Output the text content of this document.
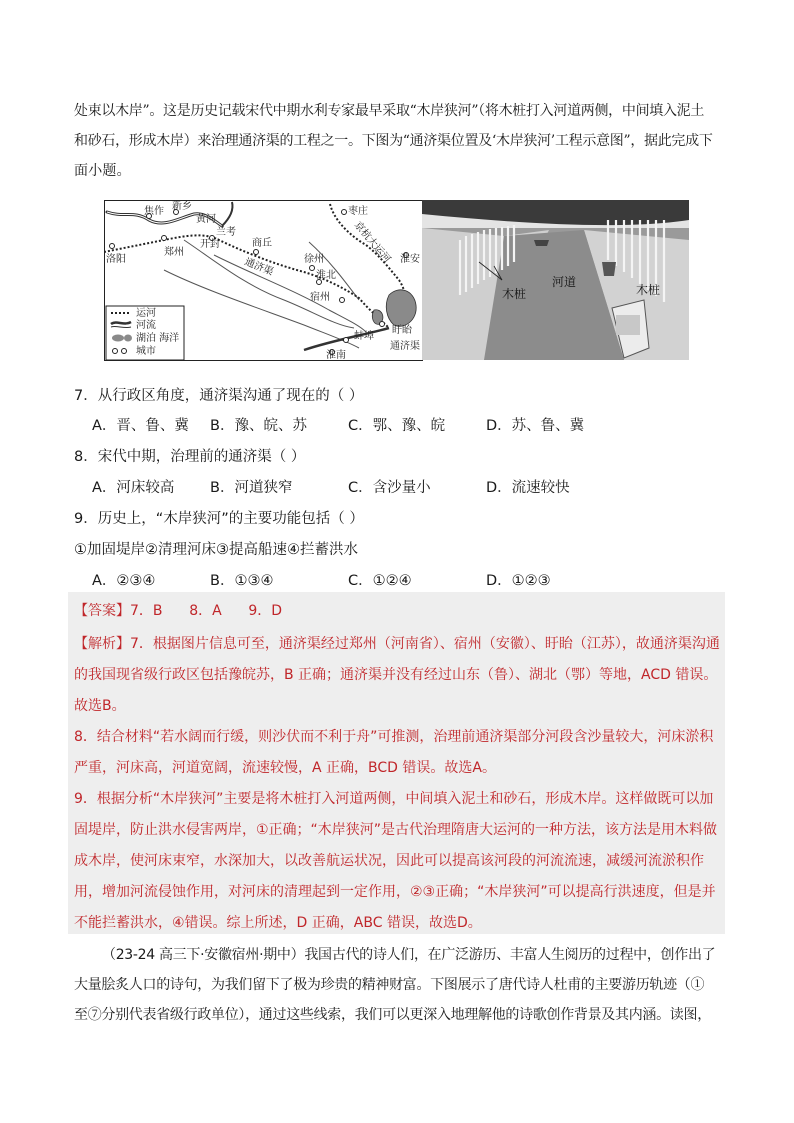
处束以木岸”。这是历史记载宋代中期水利专家最早采取“木岸狭河”（将木桩打入河道两侧，中间填入泥土
和砂石，形成木岸）来治理通济渠的工程之一。下图为“通济渠位置及‘木岸狭河’工程示意图”，据此完成下
面小题。
焦作 新乡
黄河
兰考
洛阳
郑州
开封	商丘
通济渠	徐州
淮北
宿州
枣庄
京杭大运河 淮安
盱眙
蚌埠
淮南
通济渠
运河
河流
湖泊 海洋
城市
木桩
河道
木桩
7．从行政区角度，通济渠沟通了现在的（ ）
A．晋、鲁、冀 B．豫、皖、苏	C．鄂、豫、皖	D．苏、鲁、冀
8．宋代中期，治理前的通济渠（ ）
A．河床较高 B．河道狭窄	C．含沙量小	D．流速较快
9．历史上，“木岸狭河”的主要功能包括（ ）
①加固堤岸②清理河床③提高船速④拦蓄洪水
A．②③④	B．①③④	C．①②④	D．①②③
【答案】7．B      8．A      9．D
【解析】7．根据图片信息可至，通济渠经过郑州（河南省）、宿州（安徽）、盱眙（江苏），故通济渠沟通的我国现省级行政区包括豫皖苏，B 正确；通济渠并没有经过山东（鲁）、湖北（鄂）等地，ACD 错误。故选B。
8．结合材料“若水阔而行缓，则沙伏而不利于舟”可推测，治理前通济渠部分河段含沙量较大，河床淤积严重，河床高，河道宽阔，流速较慢，A 正确，BCD 错误。故选A。
9．根据分析“木岸狭河”主要是将木桩打入河道两侧，中间填入泥土和砂石，形成木岸。这样做既可以加固堤岸，防止洪水侵害两岸，①正确；“木岸狭河”是古代治理隋唐大运河的一种方法，该方法是用木料做成木岸，使河床束窄，水深加大，以改善航运状况，因此可以提高该河段的河流流速，减缓河流淤积作用，增加河流侵蚀作用，对河床的清理起到一定作用，②③正确；“木岸狭河”可以提高行洪速度，但是并不能拦蓄洪水，④错误。综上所述，D 正确，ABC 错误，故选D。
（23-24 高三下·安徽宿州·期中）我国古代的诗人们，在广泛游历、丰富人生阅历的过程中，创作出了
大量脍炙人口的诗句，为我们留下了极为珍贵的精神财富。下图展示了唐代诗人杜甫的主要游历轨迹（①
至⑦分别代表省级行政单位），通过这些线索，我们可以更深入地理解他的诗歌创作背景及其内涵。读图，
